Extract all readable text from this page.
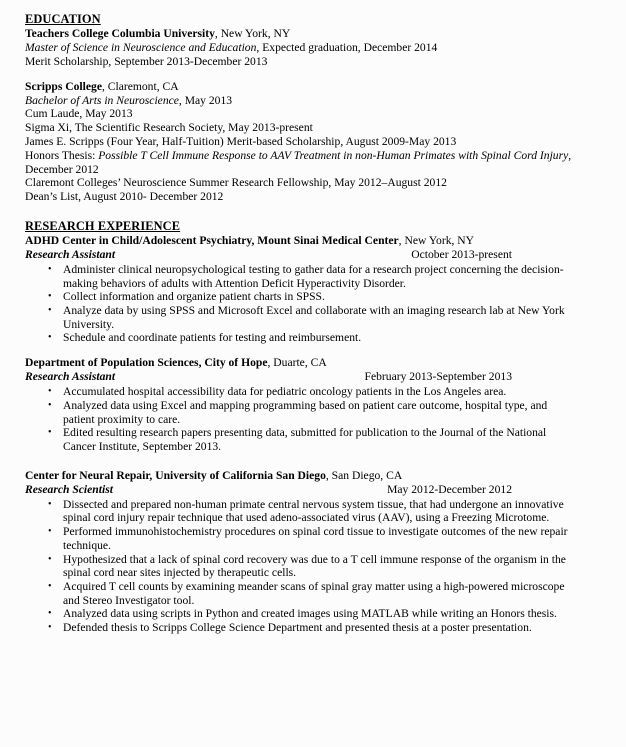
EDUCATION
Teachers College Columbia University, New York, NY
Master of Science in Neuroscience and Education, Expected graduation, December 2014
Merit Scholarship, September 2013-December 2013
Scripps College, Claremont, CA
Bachelor of Arts in Neuroscience, May 2013
Cum Laude, May 2013
Sigma Xi, The Scientific Research Society, May 2013-present
James E. Scripps (Four Year, Half-Tuition) Merit-based Scholarship, August 2009-May 2013
Honors Thesis: Possible T Cell Immune Response to AAV Treatment in non-Human Primates with Spinal Cord Injury, December 2012
Claremont Colleges’ Neuroscience Summer Research Fellowship, May 2012–August 2012
Dean’s List, August 2010- December 2012
RESEARCH EXPERIENCE
ADHD Center in Child/Adolescent Psychiatry, Mount Sinai Medical Center, New York, NY
Research Assistant	October 2013-present
• Administer clinical neuropsychological testing to gather data for a research project concerning the decision-making behaviors of adults with Attention Deficit Hyperactivity Disorder.
• Collect information and organize patient charts in SPSS.
• Analyze data by using SPSS and Microsoft Excel and collaborate with an imaging research lab at New York University.
• Schedule and coordinate patients for testing and reimbursement.
Department of Population Sciences, City of Hope, Duarte, CA
Research Assistant	February 2013-September 2013
• Accumulated hospital accessibility data for pediatric oncology patients in the Los Angeles area.
• Analyzed data using Excel and mapping programming based on patient care outcome, hospital type, and patient proximity to care.
• Edited resulting research papers presenting data, submitted for publication to the Journal of the National Cancer Institute, September 2013.
Center for Neural Repair, University of California San Diego, San Diego, CA
Research Scientist	May 2012-December 2012
• Dissected and prepared non-human primate central nervous system tissue, that had undergone an innovative spinal cord injury repair technique that used adeno-associated virus (AAV), using a Freezing Microtome.
• Performed immunohistochemistry procedures on spinal cord tissue to investigate outcomes of the new repair technique.
• Hypothesized that a lack of spinal cord recovery was due to a T cell immune response of the organism in the spinal cord near sites injected by therapeutic cells.
• Acquired T cell counts by examining meander scans of spinal gray matter using a high-powered microscope and Stereo Investigator tool.
• Analyzed data using scripts in Python and created images using MATLAB while writing an Honors thesis.
• Defended thesis to Scripps College Science Department and presented thesis at a poster presentation.
